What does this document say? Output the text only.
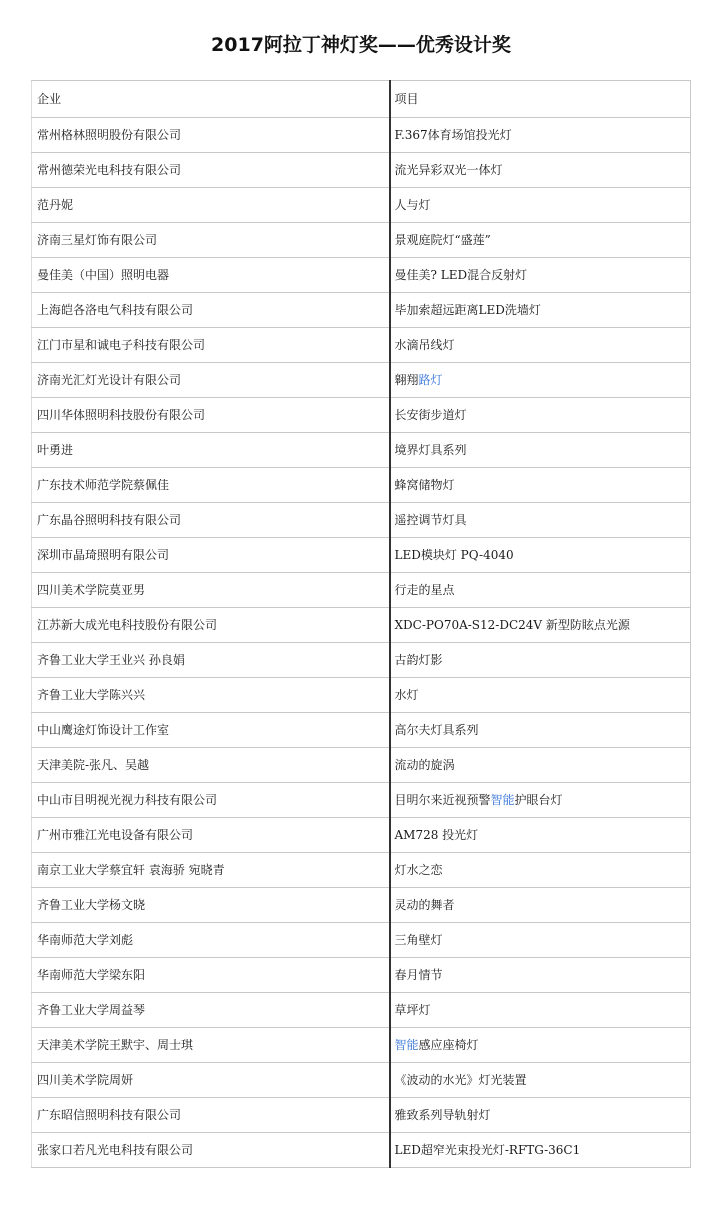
2017阿拉丁神灯奖——优秀设计奖
企业	项目
常州格林照明股份有限公司	F.367体育场馆投光灯
常州德荣光电科技有限公司	流光异彩双光一体灯
范丹妮	人与灯
济南三星灯饰有限公司	景观庭院灯“盛莲”
曼佳美（中国）照明电器	曼佳美? LED混合反射灯
上海皑各洛电气科技有限公司	毕加索超远距离LED洗墙灯
江门市星和诚电子科技有限公司	水滴吊线灯
济南光汇灯光设计有限公司	翱翔路灯
四川华体照明科技股份有限公司	长安街步道灯
叶勇进	境界灯具系列
广东技术师范学院蔡佩佳	蜂窝储物灯
广东晶谷照明科技有限公司	遥控调节灯具
深圳市晶琦照明有限公司	LED模块灯 PQ-4040
四川美术学院莫亚男	行走的星点
江苏新大成光电科技股份有限公司	XDC-PO70A-S12-DC24V 新型防眩点光源
齐鲁工业大学王业兴 孙良娟	古韵灯影
齐鲁工业大学陈兴兴	水灯
中山鹰途灯饰设计工作室	高尔夫灯具系列
天津美院-张凡、吴越	流动的旋涡
中山市目明视光视力科技有限公司	目明尔来近视预警智能护眼台灯
广州市雅江光电设备有限公司	AM728 投光灯
南京工业大学蔡宜轩 袁海骄 宛晓青	灯水之恋
齐鲁工业大学杨文晓	灵动的舞者
华南师范大学刘彪	三角壁灯
华南师范大学梁东阳	春月情节
齐鲁工业大学周益琴	草坪灯
天津美术学院王默宇、周士琪	智能感应座椅灯
四川美术学院周妍	《波动的水光》灯光装置
广东昭信照明科技有限公司	雅致系列导轨射灯
张家口若凡光电科技有限公司	LED超窄光束投光灯-RFTG-36C1
